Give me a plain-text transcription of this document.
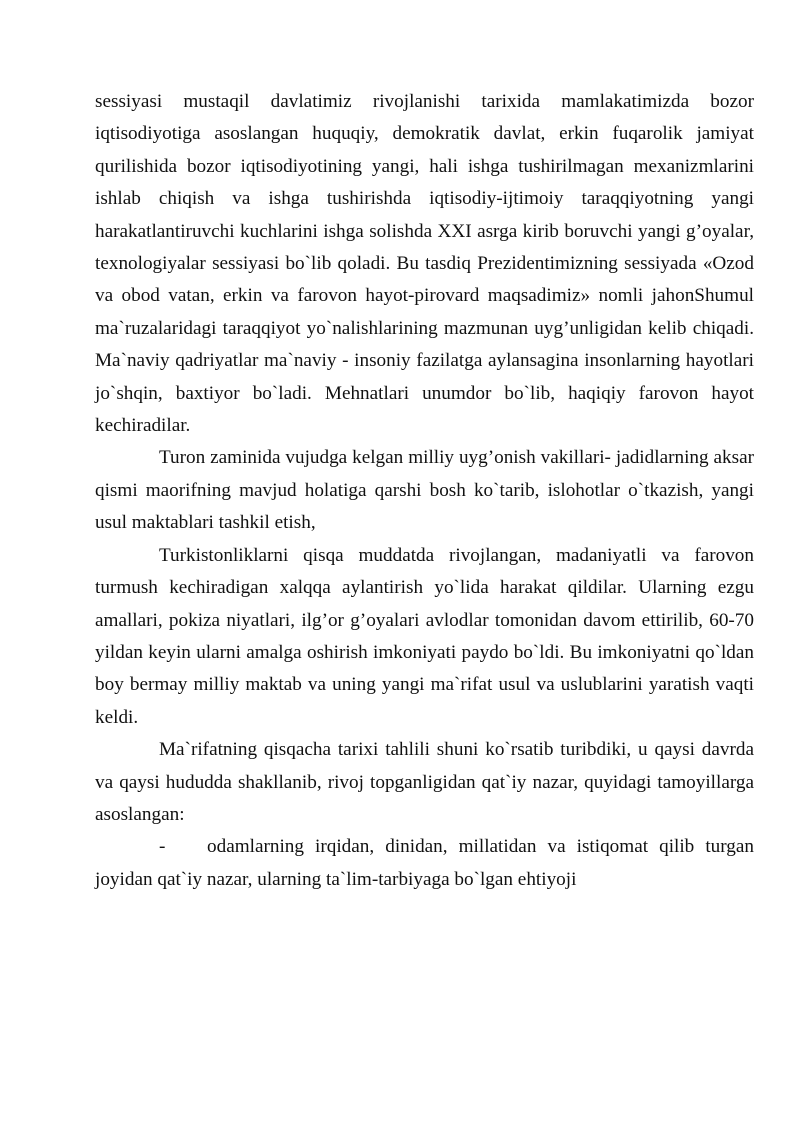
sessiyasi mustaqil davlatimiz rivojlanishi tarixida mamlakatimizda bozor iqtisodiyotiga asoslangan huquqiy, demokratik davlat, erkin fuqarolik jamiyat qurilishida bozor iqtisodiyotining yangi, hali ishga tushirilmagan mexanizmlarini ishlab chiqish va ishga tushirishda iqtisodiy-ijtimoiy taraqqiyotning yangi harakatlantiruvchi kuchlarini ishga solishda XXI asrga kirib boruvchi yangi g’oyalar, texnologiyalar sessiyasi bo`lib qoladi. Bu tasdiq Prezidentimizning sessiyada «Ozod va obod vatan, erkin va farovon hayot-pirovard maqsadimiz» nomli jahonShumul ma`ruzalaridagi taraqqiyot yo`nalishlarining mazmunan uyg’unligidan kelib chiqadi. Ma`naviy qadriyatlar ma`naviy - insoniy fazilatga aylansagina insonlarning hayotlari jo`shqin, baxtiyor bo`ladi. Mehnatlari unumdor bo`lib, haqiqiy farovon hayot kechiradilar.

Turon zaminida vujudga kelgan milliy uyg’onish vakillari- jadidlarning aksar qismi maorifning mavjud holatiga qarshi bosh ko`tarib, islohotlar o`tkazish, yangi usul maktablari tashkil etish,

Turkistonliklarni qisqa muddatda rivojlangan, madaniyatli va farovon turmush kechiradigan xalqqa aylantirish yo`lida harakat qildilar. Ularning ezgu amallari, pokiza niyatlari, ilg’or g’oyalari avlodlar tomonidan davom ettirilib, 60-70 yildan keyin ularni amalga oshirish imkoniyati paydo bo`ldi. Bu imkoniyatni qo`ldan boy bermay milliy maktab va uning yangi ma`rifat usul va uslublarini yaratish vaqti keldi.

Ma`rifatning qisqacha tarixi tahlili shuni ko`rsatib turibdiki, u qaysi davrda va qaysi hududda shakllanib, rivoj topganligidan qat`iy nazar, quyidagi tamoyillarga asoslangan:

- odamlarning irqidan, dinidan, millatidan va istiqomat qilib turgan joyidan qat`iy nazar, ularning ta`lim-tarbiyaga bo`lgan ehtiyoji
